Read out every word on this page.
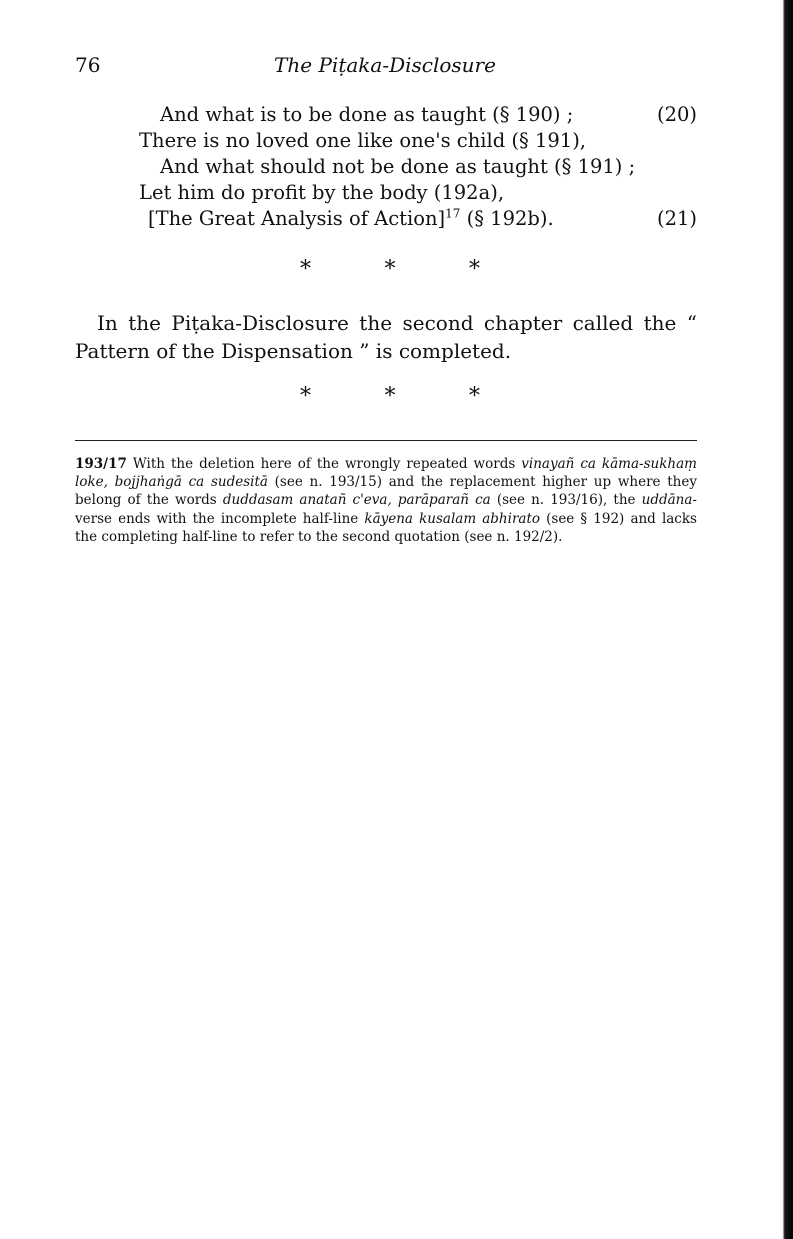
76	The Piṭaka-Disclosure
And what is to be done as taught (§ 190) ;	(20)
There is no loved one like one's child (§ 191),
And what should not be done as taught (§ 191) ;
Let him do profit by the body (192a),
[The Great Analysis of Action]$^{17}$ (§ 192b).	(21)
*	*	*
In the Piṭaka-Disclosure the second chapter called the “ Pattern of the Dispensation ” is completed.
*	*	*
193/17 With the deletion here of the wrongly repeated words vinayañ ca kāma-sukhaṃ loke, bojjhaṅgā ca sudesitā (see n. 193/15) and the replacement higher up where they belong of the words duddasam anatañ c'eva, parāparañ ca (see n. 193/16), the uddāna-verse ends with the incomplete half-line kāyena kusalam abhirato (see § 192) and lacks the completing half-line to refer to the second quotation (see n. 192/2).
